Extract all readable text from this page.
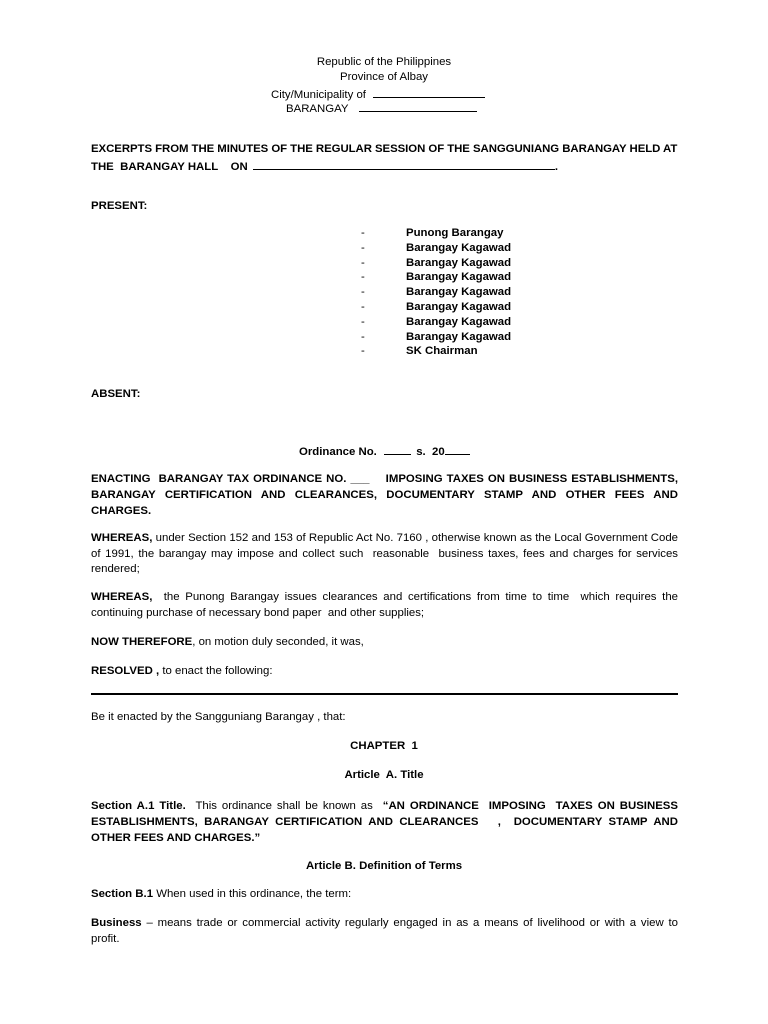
Republic of the Philippines
Province of Albay
City/Municipality of
BARANGAY
EXCERPTS FROM THE MINUTES OF THE REGULAR SESSION OF THE SANGGUNIANG BARANGAY HELD AT
THE  BARANGAY HALL    ON	.
PRESENT:
-	Punong Barangay
-	Barangay Kagawad
-	Barangay Kagawad
-	Barangay Kagawad
-	Barangay Kagawad
-	Barangay Kagawad
-	Barangay Kagawad
-	Barangay Kagawad
-	SK Chairman
ABSENT:
Ordinance No.	s.  20
ENACTING  BARANGAY TAX ORDINANCE NO. ___    IMPOSING TAXES ON BUSINESS ESTABLISHMENTS, BARANGAY CERTIFICATION AND CLEARANCES, DOCUMENTARY STAMP AND OTHER FEES AND CHARGES.
WHEREAS, under Section 152 and 153 of Republic Act No. 7160 , otherwise known as the Local Government Code of 1991, the barangay may impose and collect such  reasonable  business taxes, fees and charges for services rendered;
WHEREAS,  the Punong Barangay issues clearances and certifications from time to time  which requires the continuing purchase of necessary bond paper  and other supplies;
NOW THEREFORE, on motion duly seconded, it was,
RESOLVED , to enact the following:
Be it enacted by the Sangguniang Barangay , that:
CHAPTER  1
Article  A. Title
Section A.1 Title.  This ordinance shall be known as  “AN ORDINANCE  IMPOSING  TAXES ON BUSINESS ESTABLISHMENTS, BARANGAY CERTIFICATION AND CLEARANCES   ,  DOCUMENTARY STAMP AND OTHER FEES AND CHARGES.”
Article B. Definition of Terms
Section B.1 When used in this ordinance, the term:
Business – means trade or commercial activity regularly engaged in as a means of livelihood or with a view to profit.
